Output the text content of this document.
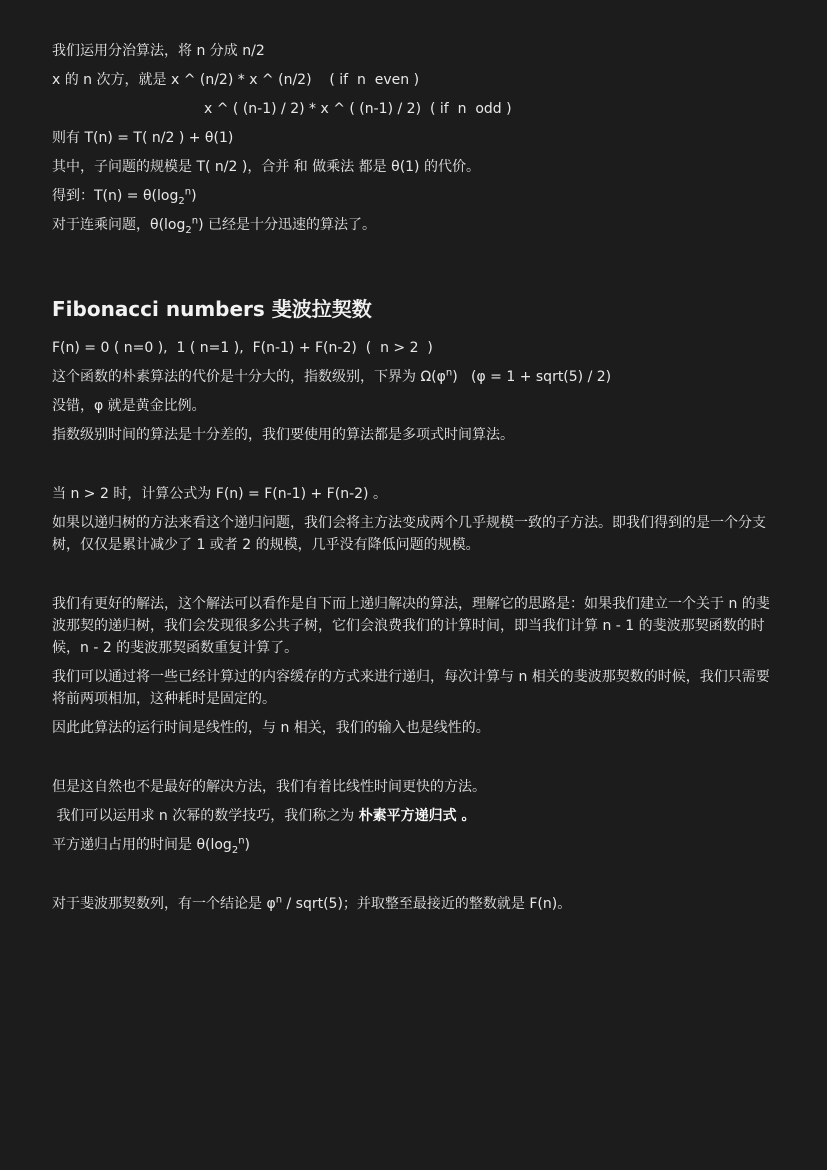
我们运用分治算法，将 n 分成 n/2

x 的 n 次方，就是 x ^ (n/2) * x ^ (n/2)    ( if  n  even )

x ^ ( (n-1) / 2) * x ^ ( (n-1) / 2)  ( if  n  odd )

则有 T(n) = T( n/2 ) + θ(1)

其中，子问题的规模是 T( n/2 )，合并 和 做乘法 都是 θ(1) 的代价。

得到：$T(n) = \theta(\log_2^n)$

对于连乘问题，$\theta(\log_2^n)$ 已经是十分迅速的算法了。

Fibonacci numbers 斐波拉契数

F(n) = 0 ( n=0 ),  1 ( n=1 ),  F(n-1) + F(n-2)  (  n > 2  )

这个函数的朴素算法的代价是十分大的，指数级别，下界为 $\Omega(\varphi^n) (\varphi = 1$ + sqrt(5) / 2)

没错，φ 就是黄金比例。

指数级别时间的算法是十分差的，我们要使用的算法都是多项式时间算法。

当 n > 2 时，计算公式为 F(n) = F(n-1) + F(n-2) 。

如果以递归树的方法来看这个递归问题，我们会将主方法变成两个几乎规模一致的子方法。即我们得到的是一个分支树，仅仅是累计减少了 1 或者 2 的规模，几乎没有降低问题的规模。

我们有更好的解法，这个解法可以看作是自下而上递归解决的算法，理解它的思路是：如果我们建立一个关于 n 的斐波那契的递归树，我们会发现很多公共子树，它们会浪费我们的计算时间，即当我们计算 n - 1 的斐波那契函数的时候，n - 2 的斐波那契函数重复计算了。

我们可以通过将一些已经计算过的内容缓存的方式来进行递归，每次计算与 n 相关的斐波那契数的时候，我们只需要将前两项相加，这种耗时是固定的。

因此此算法的运行时间是线性的，与 n 相关，我们的输入也是线性的。

但是这自然也不是最好的解决方法，我们有着比线性时间更快的方法。

我们可以运用求 n 次幂的数学技巧，我们称之为 朴素平方递归式 。

平方递归占用的时间是 $\theta(\log_2^n)$

对于斐波那契数列，有一个结论是 $\varphi^n$ / sqrt(5)；并取整至最接近的整数就是 F(n)。
